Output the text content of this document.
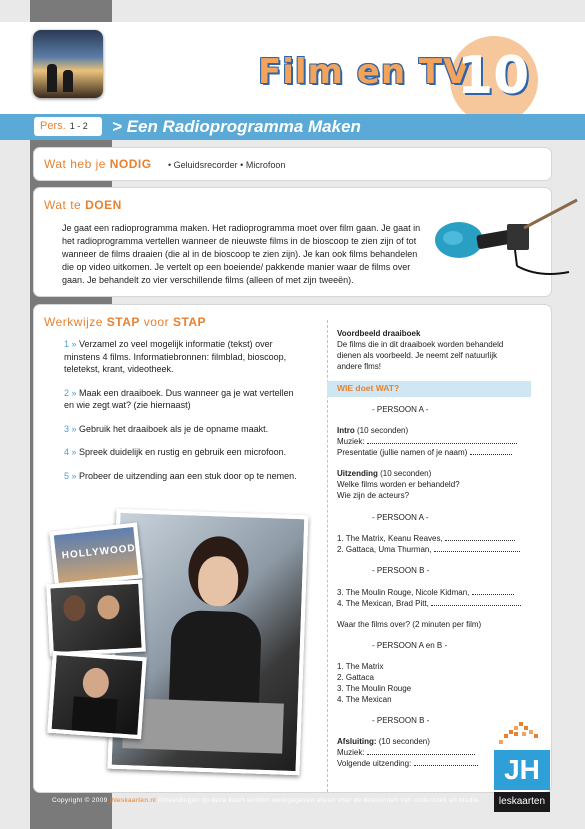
Film en TV
10
Pers. 1 - 2	> Een Radioprogramma Maken
Wat heb je NODIG • Geluidsrecorder • Microfoon
Wat te DOEN
Je gaat een radioprogramma maken. Het radioprogramma moet over film gaan. Je gaat in het radioprogramma vertellen wanneer de nieuwste films in de bioscoop te zien zijn of tot wanneer de films draaien (die al in de bioscoop te zien zijn). Je kan ook films behandelen die op video uitkomen. Je vertelt op een boeiende/ pakkende manier waar de films over gaan. Je behandelt zo vier verschillende films (alleen of met zijn tweeën).
Werkwijze STAP voor STAP
1 » Verzamel zo veel mogelijk informatie (tekst) over minstens 4 films. Informatiebronnen: filmblad, bioscoop, teletekst, krant, videotheek.
2 » Maak een draaiboek. Dus wanneer ga je wat vertellen en wie zegt wat? (zie hiernaast)
3 » Gebruik het draaiboek als je de opname maakt.
4 » Spreek duidelijk en rustig en gebruik een microfoon.
5 » Probeer de uitzending aan een stuk door op te nemen.
HOLLYWOOD
Voordbeeld draaiboek
De films die in dit draaiboek worden behandeld dienen als voorbeeld. Je neemt zelf natuurlijk andere flms!
WIE doet WAT?
- PERSOON A -
Intro (10 seconden)
Muziek:
Presentatie (jullie namen of je naam)
Uitzending (10 seconden)
Welke films worden er behandeld?
Wie zijn de acteurs?
- PERSOON A -
1. The Matrix, Keanu Reaves,
2. Gattaca, Uma Thurman,
- PERSOON B -
3. The Moulin Rouge, Nicole Kidman,
4. The Mexican, Brad Pitt,
Waar the films over? (2 minuten per film)
- PERSOON A en B -
1. The Matrix
2. Gattaca
3. The Moulin Rouge
4. The Mexican
- PERSOON B -
Afsluiting: (10 seconden)
Muziek:
Volgende uitzending:	JH
leskaarten
Copyright © 2009 jhleskaarten.nl Afbeeldingen op deze kaart worden weergegeven alleen voor de doeleinden van onderzoek en studie.
